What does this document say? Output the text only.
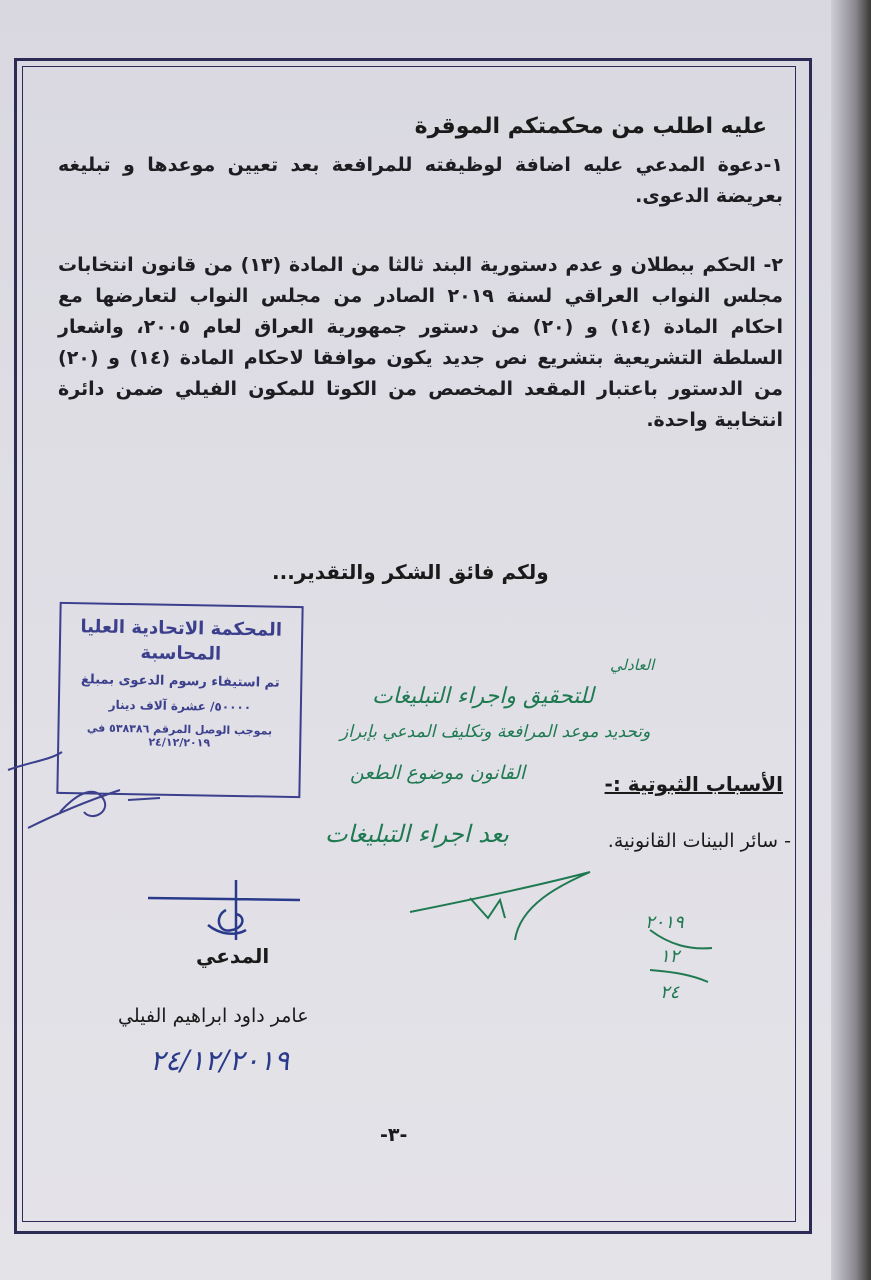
عليه اطلب من محكمتكم الموقرة
١-دعوة المدعي عليه اضافة لوظيفته للمرافعة بعد تعيين موعدها و تبليغه بعريضة الدعوى.
٢- الحكم ببطلان و عدم دستورية البند ثالثا من المادة (١٣) من قانون انتخابات مجلس النواب العراقي لسنة ٢٠١٩ الصادر من مجلس النواب لتعارضها مع احكام المادة (١٤) و (٢٠) من دستور جمهورية العراق لعام ٢٠٠٥، واشعار السلطة التشريعية بتشريع نص جديد يكون موافقا لاحكام المادة (١٤) و (٢٠) من الدستور باعتبار المقعد المخصص من الكوتا للمكون الفيلي ضمن دائرة انتخابية واحدة.
ولكم فائق الشكر والتقدير...
المحكمة الاتحادية العليا
المحاسبة
تم استيفاء رسوم الدعوى بمبلغ
٥٠٠٠٠/ عشرة آلاف دينار
بموجب الوصل المرقم ٥٣٨٣٨٦ في ٢٤/١٢/٢٠١٩
العادلي
للتحقيق واجراء التبليغات
وتحديد موعد المرافعة وتكليف المدعي بإبراز
القانون موضوع الطعن
بعد اجراء التبليغات
الأسباب الثبوتية :-
- سائر البينات القانونية.
٢٠١٩
١٢
٢٤
المدعي
عامر داود ابراهيم الفيلي
٢٤/١٢/٢٠١٩
-٣-
